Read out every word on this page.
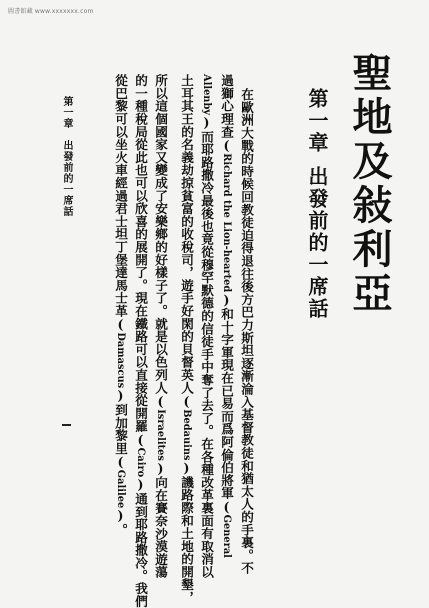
圖書館藏 www.xxxxxxx.com
聖地及敍利亞
第一章出發前的一席話
在歐洲大戰的時候回教徒迫得退往後方巴力斯坦逐漸淪入基督教徒和猶太人的手裏。不
過獅心理查(Richard the Lion-hearted)和十字軍現在已易而爲阿倫伯將軍(General
Allenby)而耶路撒冷最後也竟從穆罕默德的信徒手中奪了去了。在各種改革裏面有取消以
土耳其王的名義劫掠貧富的收稅司，遊手好閑的貝督英人(Bedauins)譏路際和土地的開墾，
所以這個國家又變成了安樂鄉的好樣子了。就是以色列人(Israelites)向在賽奈沙漠遊蕩
的一種稅局從此也可以欣喜的展開了。現在鐵路可以直接從開羅(Cairo)通到耶路撒冷。我們
從巴黎可以坐火車經過君士坦丁堡達馬士革(Damascus)到加黎里(Galilee)。
第一章　出發前的一席話
